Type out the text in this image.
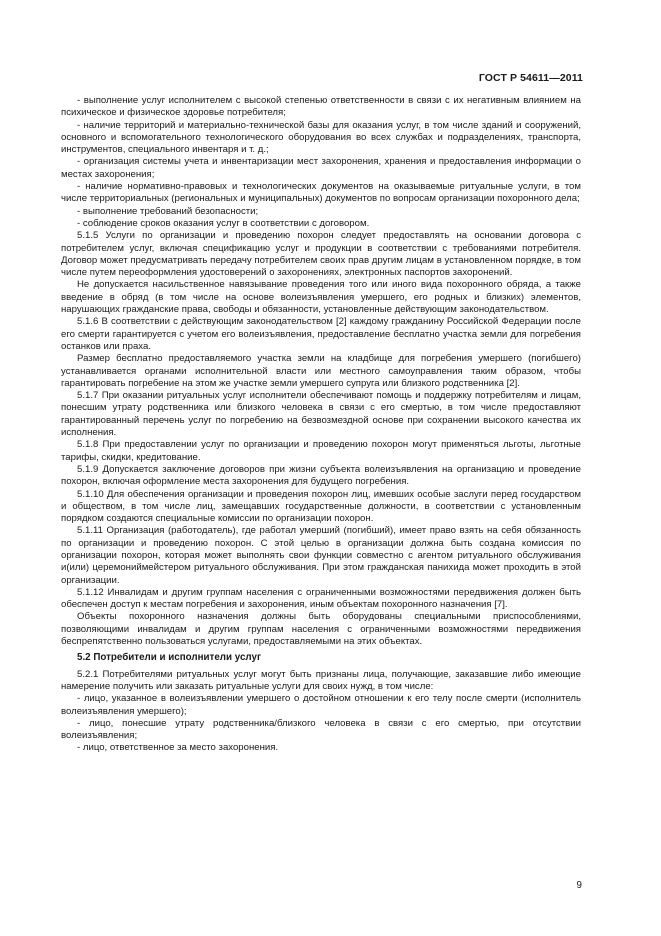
ГОСТ Р 54611—2011

- выполнение услуг исполнителем с высокой степенью ответственности в связи с их негативным влиянием на психическое и физическое здоровье потребителя;

- наличие территорий и материально-технической базы для оказания услуг, в том числе зданий и сооружений, основного и вспомогательного технологического оборудования во всех службах и подразделениях, транспорта, инструментов, специального инвентаря и т. д.;

- организация системы учета и инвентаризации мест захоронения, хранения и предоставления информации о местах захоронения;

- наличие нормативно-правовых и технологических документов на оказываемые ритуальные услуги, в том числе территориальных (региональных и муниципальных) документов по вопросам организации похоронного дела;

- выполнение требований безопасности;

- соблюдение сроков оказания услуг в соответствии с договором.

5.1.5 Услуги по организации и проведению похорон следует предоставлять на основании договора с потребителем услуг, включая спецификацию услуг и продукции в соответствии с требованиями потребителя. Договор может предусматривать передачу потребителем своих прав другим лицам в установленном порядке, в том числе путем переоформления удостоверений о захоронениях, электронных паспортов захоронений.

Не допускается насильственное навязывание проведения того или иного вида похоронного обряда, а также введение в обряд (в том числе на основе волеизъявления умершего, его родных и близких) элементов, нарушающих гражданские права, свободы и обязанности, установленные действующим законодательством.

5.1.6 В соответствии с действующим законодательством [2] каждому гражданину Российской Федерации после его смерти гарантируется с учетом его волеизъявления, предоставление бесплатно участка земли для погребения останков или праха.

Размер бесплатно предоставляемого участка земли на кладбище для погребения умершего (погибшего) устанавливается органами исполнительной власти или местного самоуправления таким образом, чтобы гарантировать погребение на этом же участке земли умершего супруга или близкого родственника [2].

5.1.7 При оказании ритуальных услуг исполнители обеспечивают помощь и поддержку потребителям и лицам, понесшим утрату родственника или близкого человека в связи с его смертью, в том числе предоставляют гарантированный перечень услуг по погребению на безвозмездной основе при сохранении высокого качества их исполнения.

5.1.8 При предоставлении услуг по организации и проведению похорон могут применяться льготы, льготные тарифы, скидки, кредитование.

5.1.9 Допускается заключение договоров при жизни субъекта волеизъявления на организацию и проведение похорон, включая оформление места захоронения для будущего погребения.

5.1.10 Для обеспечения организации и проведения похорон лиц, имевших особые заслуги перед государством и обществом, в том числе лиц, замещавших государственные должности, в соответствии с установленным порядком создаются специальные комиссии по организации похорон.

5.1.11 Организация (работодатель), где работал умерший (погибший), имеет право взять на себя обязанность по организации и проведению похорон. С этой целью в организации должна быть создана комиссия по организации похорон, которая может выполнять свои функции совместно с агентом ритуального обслуживания и(или) церемониймейстером ритуального обслуживания. При этом гражданская панихида может проходить в этой организации.

5.1.12 Инвалидам и другим группам населения с ограниченными возможностями передвижения должен быть обеспечен доступ к местам погребения и захоронения, иным объектам похоронного назначения [7].

Объекты похоронного назначения должны быть оборудованы специальными приспособлениями, позволяющими инвалидам и другим группам населения с ограниченными возможностями передвижения беспрепятственно пользоваться услугами, предоставляемыми на этих объектах.

5.2 Потребители и исполнители услуг

5.2.1 Потребителями ритуальных услуг могут быть признаны лица, получающие, заказавшие либо имеющие намерение получить или заказать ритуальные услуги для своих нужд, в том числе:

- лицо, указанное в волеизъявлении умершего о достойном отношении к его телу после смерти (исполнитель волеизъявления умершего);

- лицо, понесшие утрату родственника/близкого человека в связи с его смертью, при отсутствии волеизъявления;

- лицо, ответственное за место захоронения.

9
